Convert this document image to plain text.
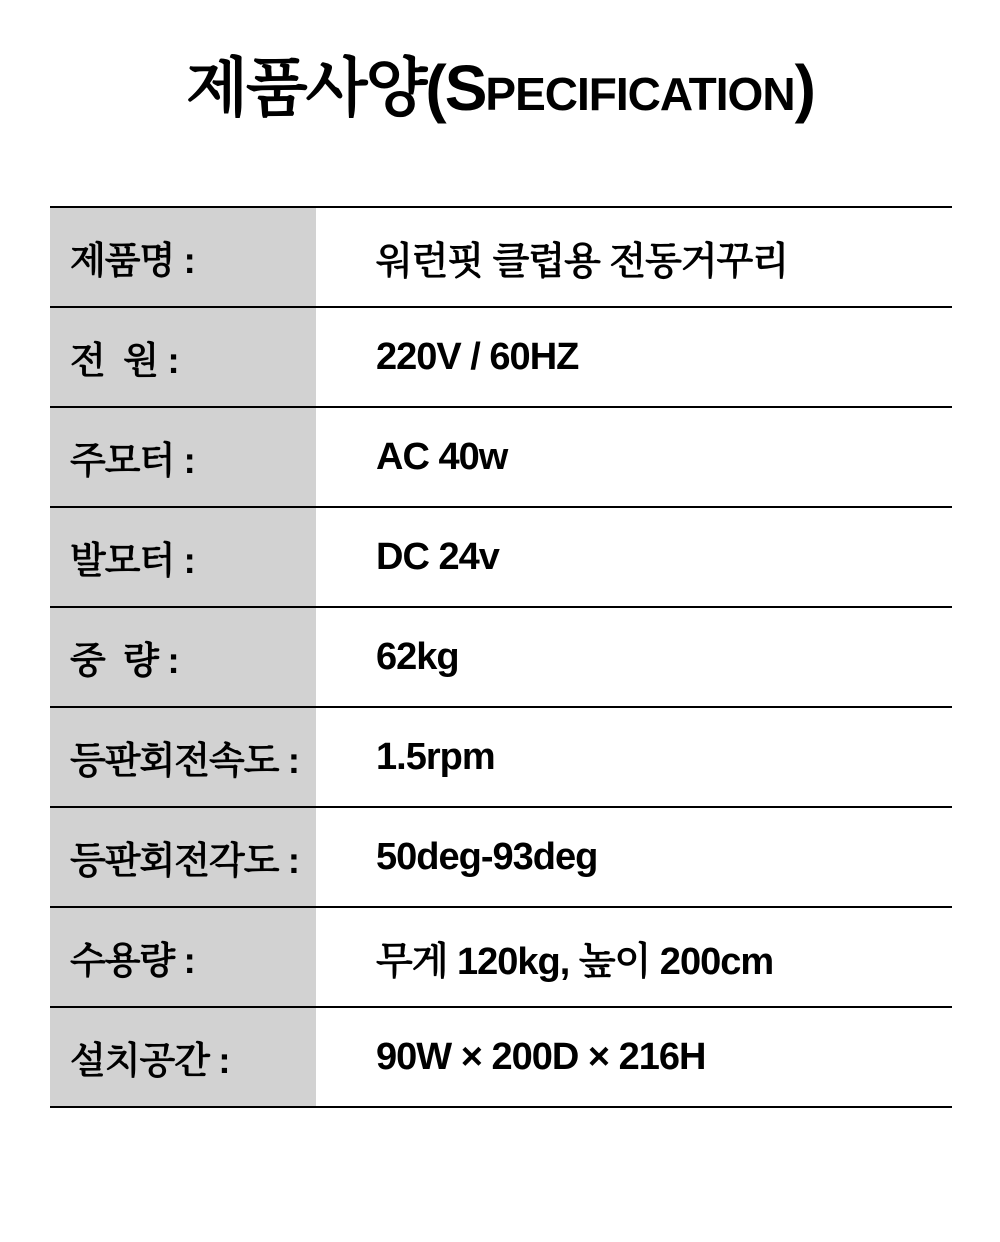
제품사양(SPECIFICATION)
제품명 :	워런핏 클럽용 전동거꾸리
전  원 :	220V / 60HZ
주모터 :	AC 40w
발모터 :	DC 24v
중  량 :	62kg
등판회전속도 :	1.5rpm
등판회전각도 :	50deg-93deg
수용량 :	무게 120kg, 높이 200cm
설치공간 :	90W × 200D × 216H
